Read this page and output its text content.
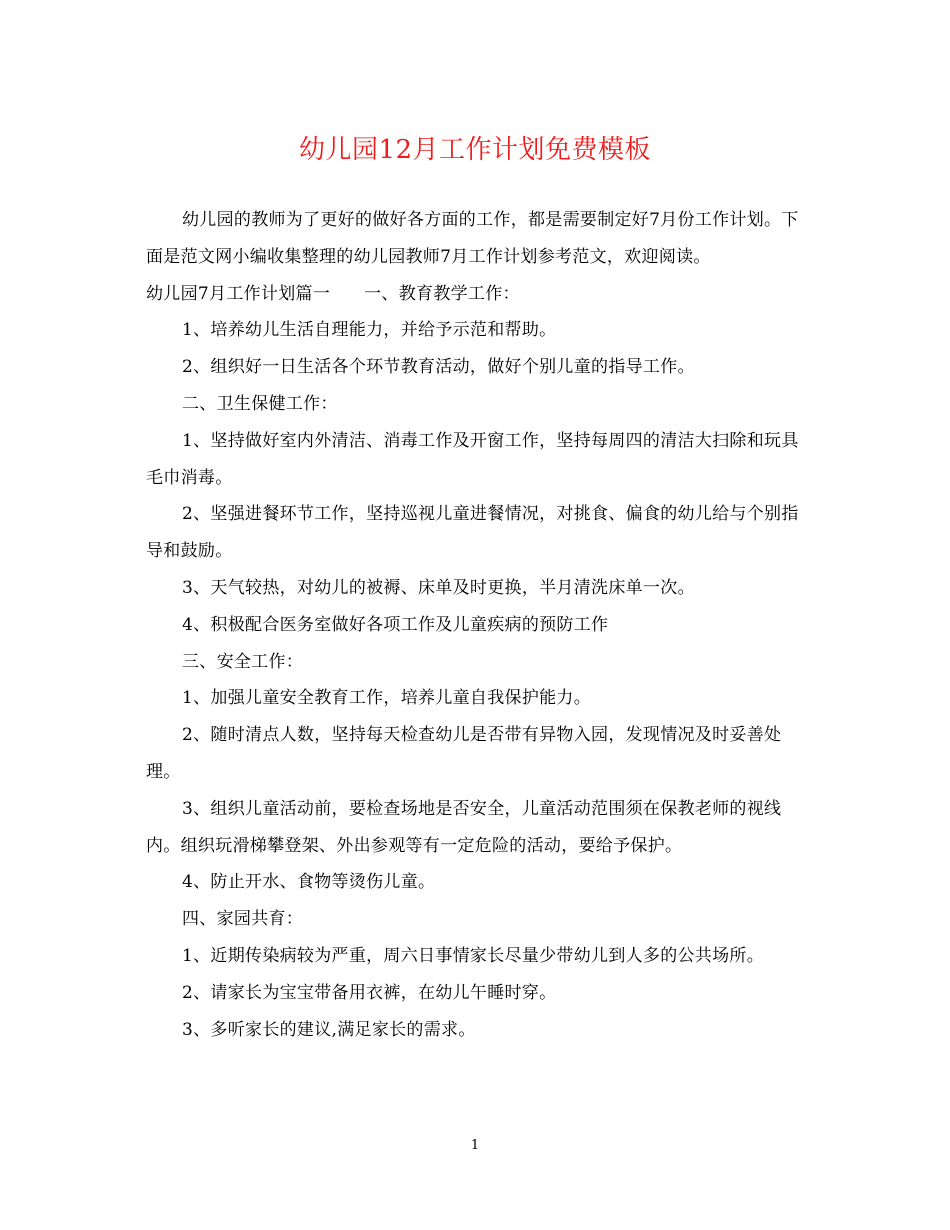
幼儿园12月工作计划免费模板

幼儿园的教师为了更好的做好各方面的工作，都是需要制定好7月份工作计划。下面是范文网小编收集整理的幼儿园教师7月工作计划参考范文，欢迎阅读。

幼儿园7月工作计划篇一 一、教育教学工作：

1、培养幼儿生活自理能力，并给予示范和帮助。

2、组织好一日生活各个环节教育活动，做好个别儿童的指导工作。

二、卫生保健工作：

1、坚持做好室内外清洁、消毒工作及开窗工作，坚持每周四的清洁大扫除和玩具毛巾消毒。

2、坚强进餐环节工作，坚持巡视儿童进餐情况，对挑食、偏食的幼儿给与个别指导和鼓励。

3、天气较热，对幼儿的被褥、床单及时更换，半月清洗床单一次。

4、积极配合医务室做好各项工作及儿童疾病的预防工作

三、安全工作：

1、加强儿童安全教育工作，培养儿童自我保护能力。

2、随时清点人数，坚持每天检查幼儿是否带有异物入园，发现情况及时妥善处理。

3、组织儿童活动前，要检查场地是否安全，儿童活动范围须在保教老师的视线内。组织玩滑梯攀登架、外出参观等有一定危险的活动，要给予保护。

4、防止开水、食物等烫伤儿童。

四、家园共育：

1、近期传染病较为严重，周六日事情家长尽量少带幼儿到人多的公共场所。

2、请家长为宝宝带备用衣裤，在幼儿午睡时穿。

3、多听家长的建议,满足家长的需求。

1
